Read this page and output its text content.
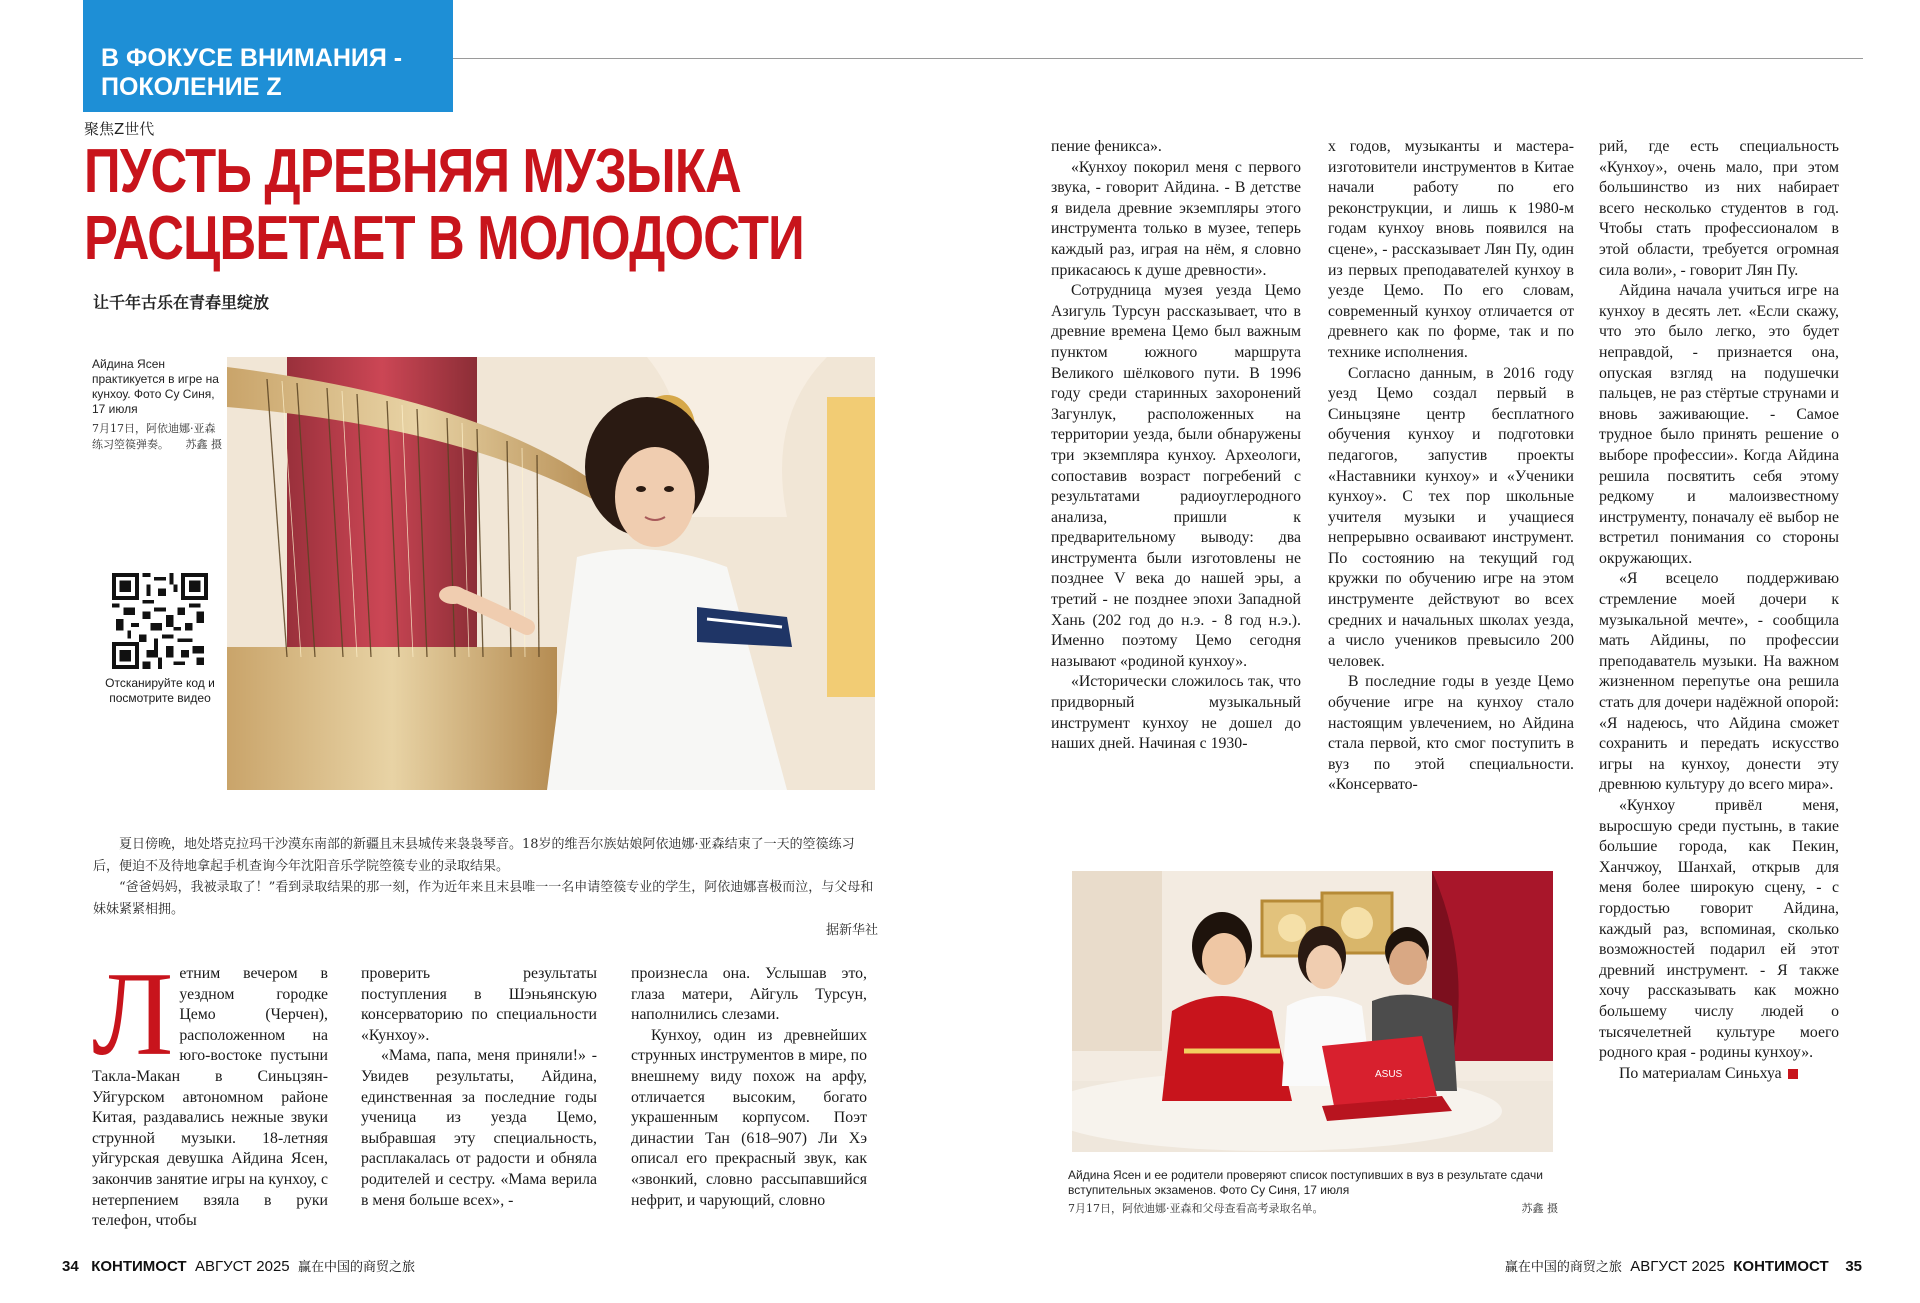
В ФОКУСЕ ВНИМАНИЯ -
ПОКОЛЕНИЕ Z
聚焦Z世代
ПУСТЬ ДРЕВНЯЯ МУЗЫКА
РАСЦВЕТАЕТ В МОЛОДОСТИ
让千年古乐在青春里绽放
Айдина Ясен практикуется в игре на кунхоу. Фото Су Синя, 17 июля
7月17日，阿依迪娜·亚森练习箜篌弹奏。 苏鑫 摄
Отсканируйте код и посмотрите видео

夏日傍晚，地处塔克拉玛干沙漠东南部的新疆且末县城传来袅袅琴音。18岁的维吾尔族姑娘阿依迪娜·亚森结束了一天的箜篌练习后，便迫不及待地拿起手机查询今年沈阳音乐学院箜篌专业的录取结果。

“爸爸妈妈，我被录取了！”看到录取结果的那一刻，作为近年来且末县唯一一名申请箜篌专业的学生，阿依迪娜喜极而泣，与父母和妹妹紧紧相拥。

据新华社

Л етним вечером в уездном городке Цемо (Черчен), расположенном на юго-востоке пустыни Такла-Макан в Синьцзян-Уйгурском автономном районе Китая, раздавались нежные звуки струнной музыки. 18-летняя уйгурская девушка Айдина Ясен, закончив занятие игры на кунхоу, с нетерпением взяла в руки телефон, чтобы

проверить результаты поступления в Шэньянскую консерваторию по специальности «Кунхоу».

«Мама, папа, меня приняли!» - Увидев результаты, Айдина, единственная за последние годы ученица из уезда Цемо, выбравшая эту специальность, расплакалась от радости и обняла родителей и сестру. «Мама верила в меня больше всех», -

произнесла она. Услышав это, глаза матери, Айгуль Турсун, наполнились слезами.

Кунхоу, один из древнейших струнных инструментов в мире, по внешнему виду похож на арфу, отличается высоким, богато украшенным корпусом. Поэт династии Тан (618–907) Ли Хэ описал его прекрасный звук, как «звонкий, словно рассыпавшийся нефрит, и чарующий, словно

пение феникса».

«Кунхоу покорил меня с первого звука, - говорит Айдина. - В детстве я видела древние экземпляры этого инструмента только в музее, теперь каждый раз, играя на нём, я словно прикасаюсь к душе древности».

Сотрудница музея уезда Цемо Азигуль Турсун рассказывает, что в древние времена Цемо был важным пунктом южного маршрута Великого шёлкового пути. В 1996 году среди старинных захоронений Загунлук, расположенных на территории уезда, были обнаружены три экземпляра кунхоу. Археологи, сопоставив возраст погребений с результатами радиоуглеродного анализа, пришли к предварительному выводу: два инструмента были изготовлены не позднее V века до нашей эры, а третий - не позднее эпохи Западной Хань (202 год до н.э. - 8 год н.э.). Именно поэтому Цемо сегодня называют «родиной кунхоу».

«Исторически сложилось так, что придворный музыкальный инструмент кунхоу не дошел до наших дней. Начиная с 1930-

х годов, музыканты и мастера-изготовители инструментов в Китае начали работу по его реконструкции, и лишь к 1980-м годам кунхоу вновь появился на сцене», - рассказывает Лян Пу, один из первых преподавателей кунхоу в уезде Цемо. По его словам, современный кунхоу отличается от древнего как по форме, так и по технике исполнения.

Согласно данным, в 2016 году уезд Цемо создал первый в Синьцзяне центр бесплатного обучения кунхоу и подготовки педагогов, запустив проекты «Наставники кунхоу» и «Ученики кунхоу». С тех пор школьные учителя музыки и учащиеся непрерывно осваивают инструмент. По состоянию на текущий год кружки по обучению игре на этом инструменте действуют во всех средних и начальных школах уезда, а число учеников превысило 200 человек.

В последние годы в уезде Цемо обучение игре на кунхоу стало настоящим увлечением, но Айдина стала первой, кто смог поступить в вуз по этой специальности. «Консервато-

рий, где есть специальность «Кунхоу», очень мало, при этом большинство из них набирает всего несколько студентов в год. Чтобы стать профессионалом в этой области, требуется огромная сила воли», - говорит Лян Пу.

Айдина начала учиться игре на кунхоу в десять лет. «Если скажу, что это было легко, это будет неправдой, - признается она, опуская взгляд на подушечки пальцев, не раз стёртые струнами и вновь заживающие. - Самое трудное было принять решение о выборе профессии». Когда Айдина решила посвятить себя этому редкому и малоизвестному инструменту, поначалу её выбор не встретил понимания со стороны окружающих.

«Я всецело поддерживаю стремление моей дочери к музыкальной мечте», - сообщила мать Айдины, по профессии преподаватель музыки. На важном жизненном перепутье она решила стать для дочери надёжной опорой: «Я надеюсь, что Айдина сможет сохранить и передать искусство игры на кунхоу, донести эту древнюю культуру до всего мира».

«Кунхоу привёл меня, выросшую среди пустынь, в такие большие города, как Пекин, Ханчжоу, Шанхай, открыв для меня более широкую сцену, - с гордостью говорит Айдина, каждый раз, вспоминая, сколько возможностей подарил ей этот древний инструмент. - Я также хочу рассказывать как можно большему числу людей о тысячелетней культуре моего родного края - родины кунхоу».

По материалам Синьхуа

ASUS
Айдина Ясен и ее родители проверяют список поступивших в вуз в результате сдачи вступительных экзаменов. Фото Су Синя, 17 июля
7月17日，阿依迪娜·亚森和父母查看高考录取名单。	苏鑫 摄
34 КОНТИМОСТ АВГУСТ 2025 赢在中国的商贸之旅	赢在中国的商贸之旅 АВГУСТ 2025 КОНТИМОСТ 35
